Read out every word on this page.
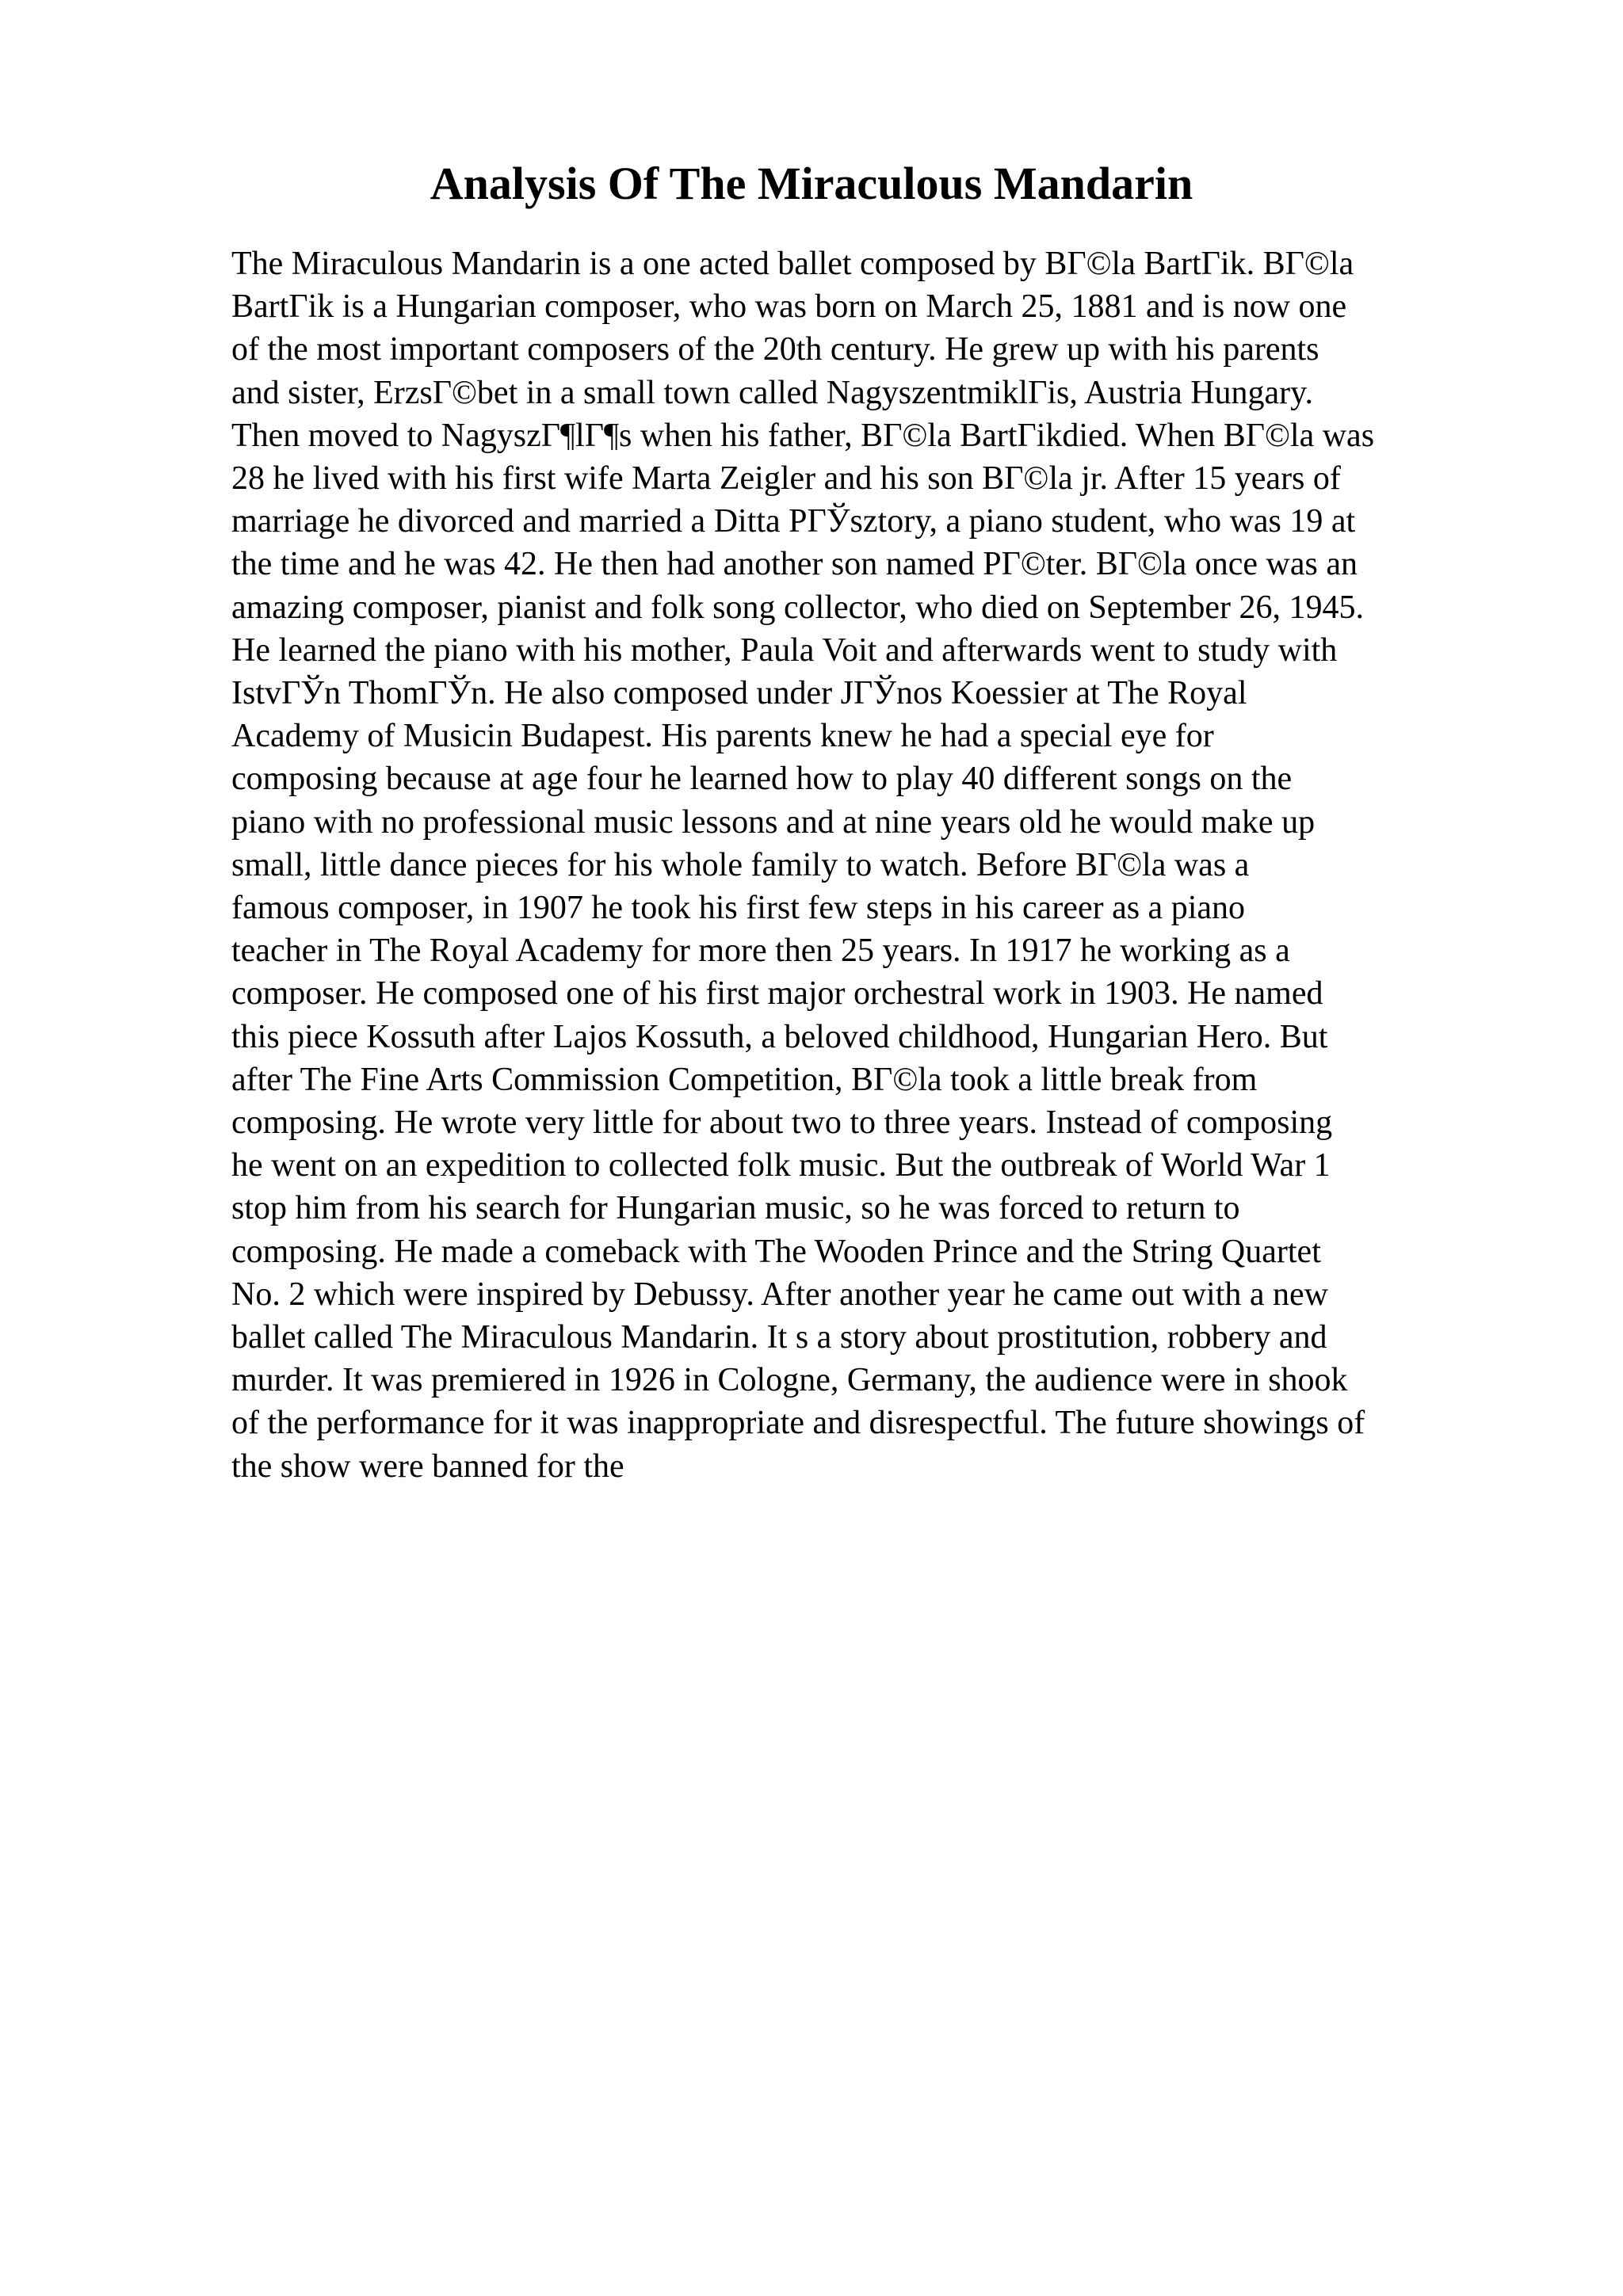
Analysis Of The Miraculous Mandarin
The Miraculous Mandarin is a one acted ballet composed by BГ©la BartГіk. BГ©la
BartГіk is a Hungarian composer, who was born on March 25, 1881 and is now one
of the most important composers of the 20th century. He grew up with his parents
and sister, ErzsГ©bet in a small town called NagyszentmiklГіs, Austria Hungary.
Then moved to NagyszГ¶lГ¶s when his father, BГ©la BartГіkdied. When BГ©la was
28 he lived with his first wife Marta Zeigler and his son BГ©la jr. After 15 years of
marriage he divorced and married a Ditta PГЎsztory, a piano student, who was 19 at
the time and he was 42. He then had another son named PГ©ter. BГ©la once was an
amazing composer, pianist and folk song collector, who died on September 26, 1945.
He learned the piano with his mother, Paula Voit and afterwards went to study with
IstvГЎn ThomГЎn. He also composed under JГЎnos Koessier at The Royal
Academy of Musicin Budapest. His parents knew he had a special eye for
composing because at age four he learned how to play 40 different songs on the
piano with no professional music lessons and at nine years old he would make up
small, little dance pieces for his whole family to watch. Before BГ©la was a
famous composer, in 1907 he took his first few steps in his career as a piano
teacher in The Royal Academy for more then 25 years. In 1917 he working as a
composer. He composed one of his first major orchestral work in 1903. He named
this piece Kossuth after Lajos Kossuth, a beloved childhood, Hungarian Hero. But
after The Fine Arts Commission Competition, BГ©la took a little break from
composing. He wrote very little for about two to three years. Instead of composing
he went on an expedition to collected folk music. But the outbreak of World War 1
stop him from his search for Hungarian music, so he was forced to return to
composing. He made a comeback with The Wooden Prince and the String Quartet
No. 2 which were inspired by Debussy. After another year he came out with a new
ballet called The Miraculous Mandarin. It s a story about prostitution, robbery and
murder. It was premiered in 1926 in Cologne, Germany, the audience were in shook
of the performance for it was inappropriate and disrespectful. The future showings of
the show were banned for the
